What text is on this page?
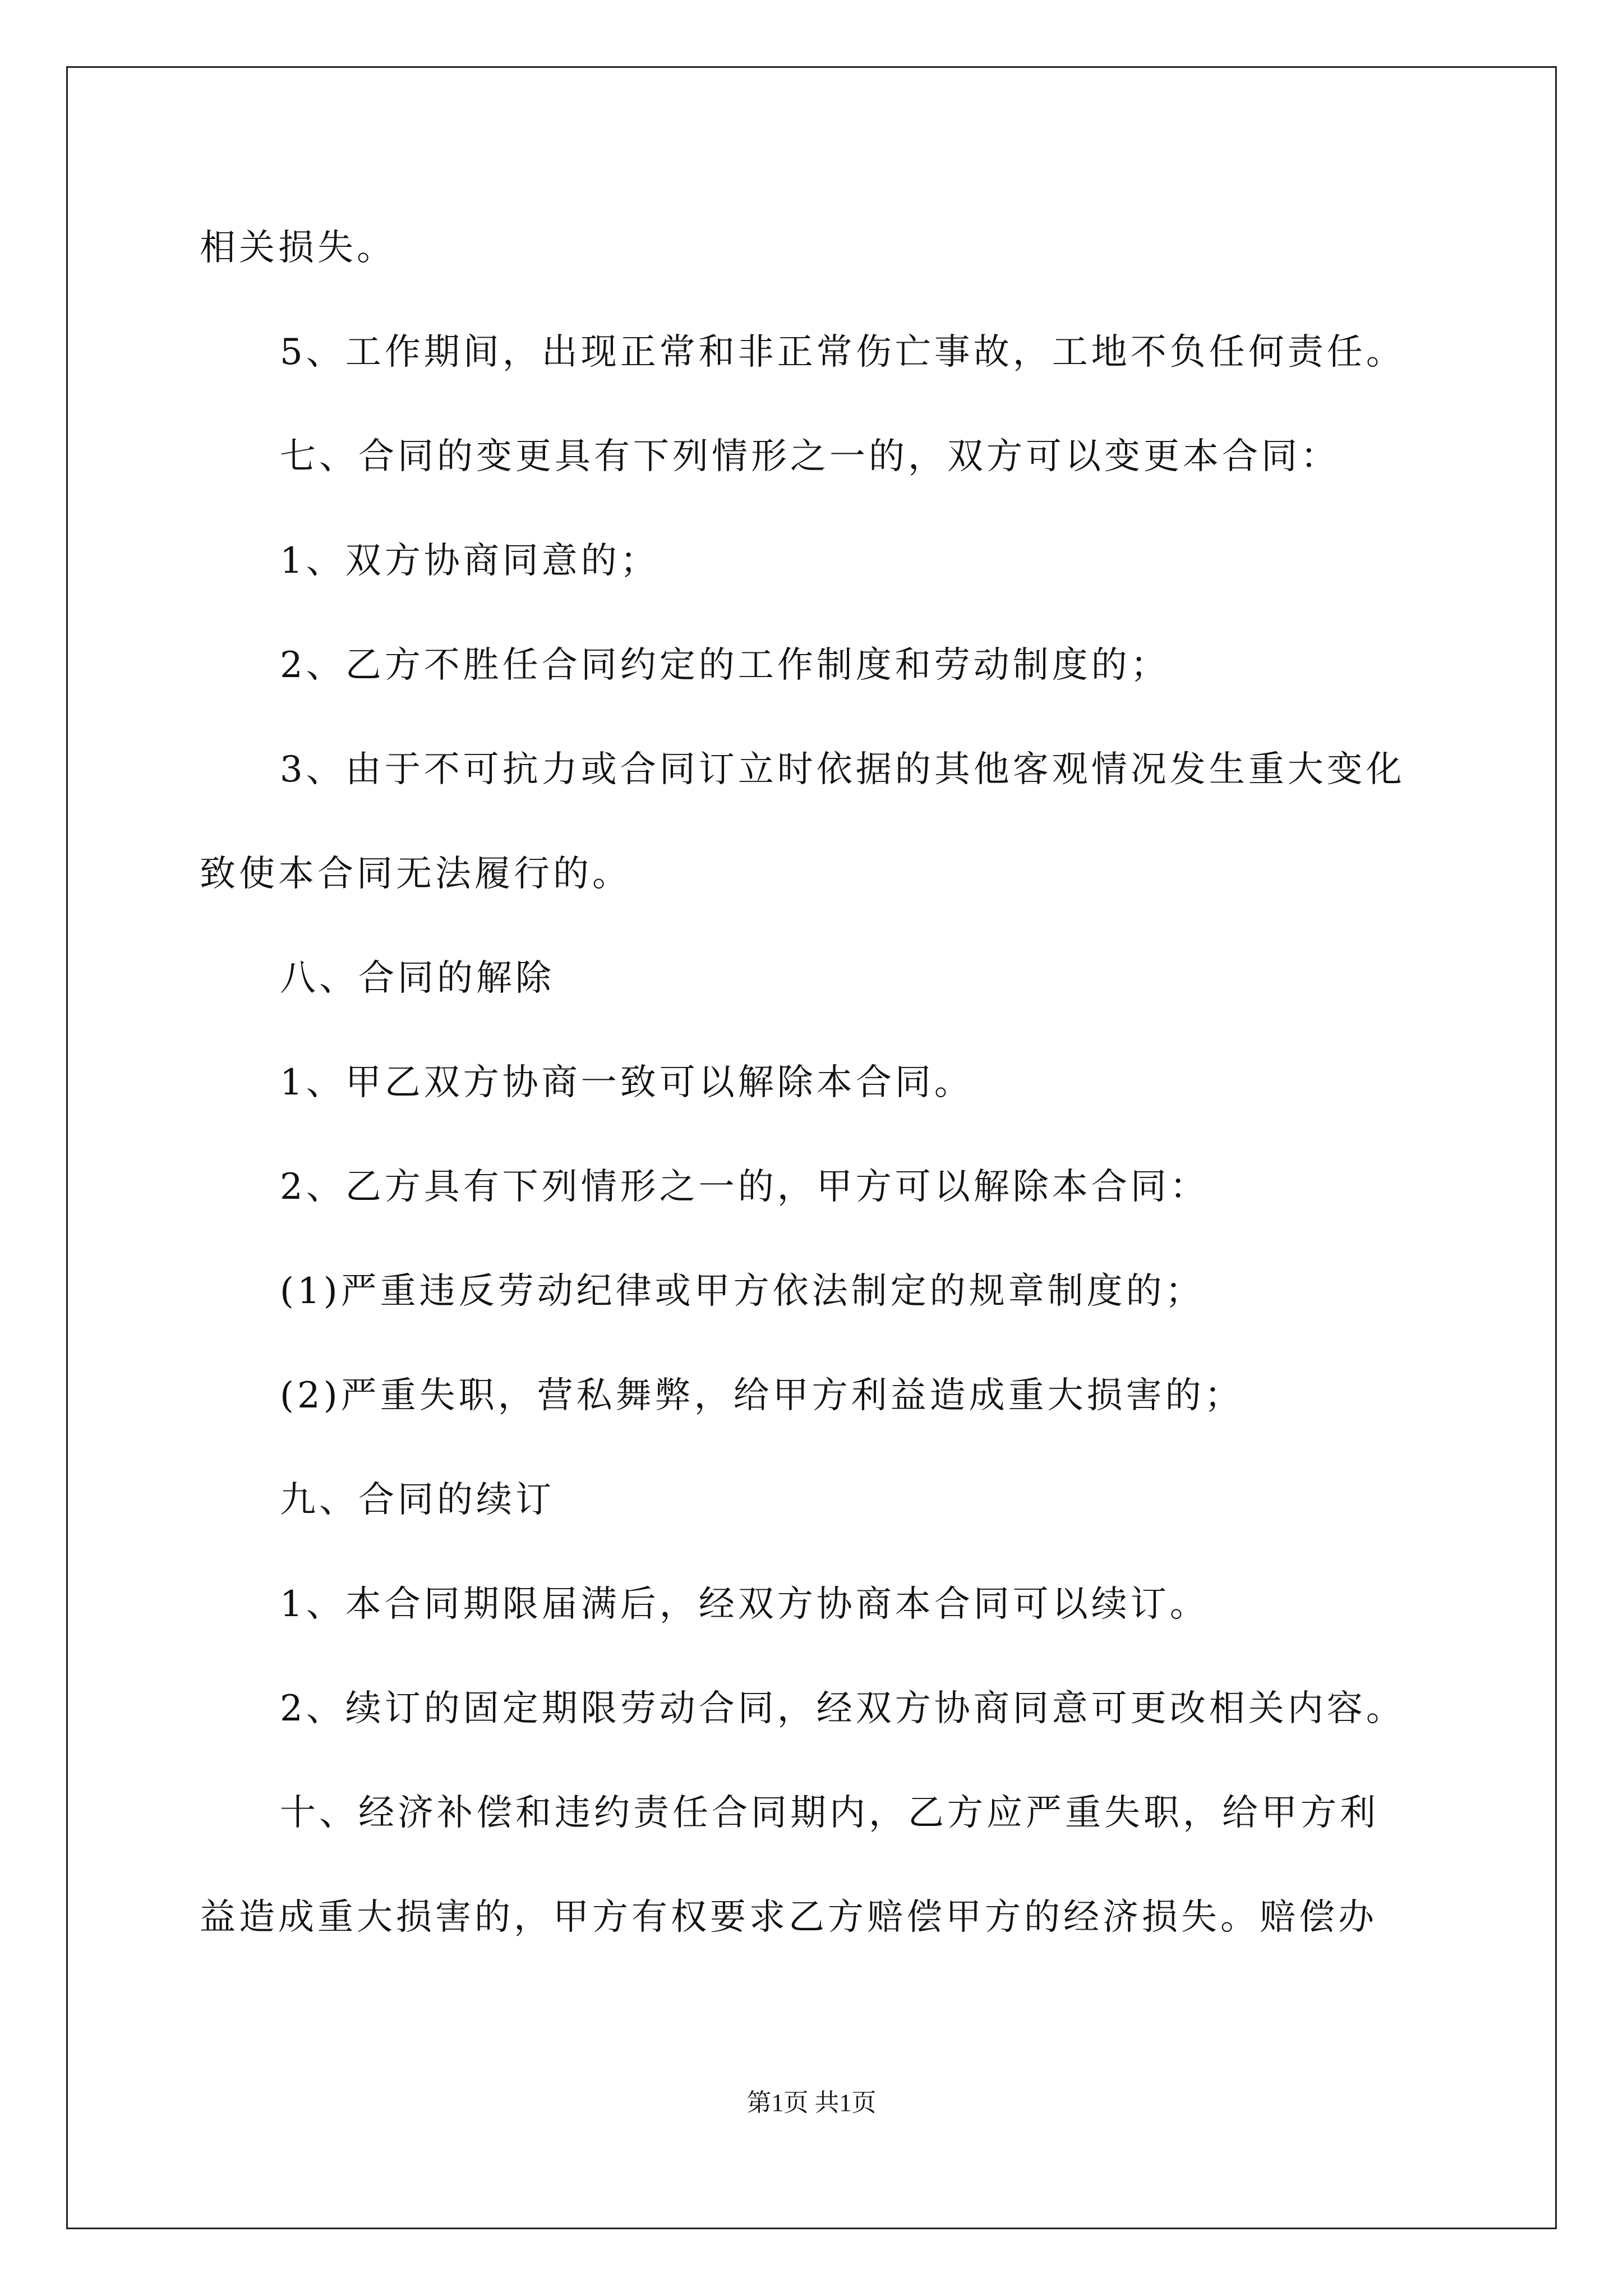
相关损失。
5、工作期间，出现正常和非正常伤亡事故，工地不负任何责任。
七、合同的变更具有下列情形之一的，双方可以变更本合同：
1、双方协商同意的；
2、乙方不胜任合同约定的工作制度和劳动制度的；
3、由于不可抗力或合同订立时依据的其他客观情况发生重大变化
致使本合同无法履行的。
八、合同的解除
1、甲乙双方协商一致可以解除本合同。
2、乙方具有下列情形之一的，甲方可以解除本合同：
(1)严重违反劳动纪律或甲方依法制定的规章制度的；
(2)严重失职，营私舞弊，给甲方利益造成重大损害的；
九、合同的续订
1、本合同期限届满后，经双方协商本合同可以续订。
2、续订的固定期限劳动合同，经双方协商同意可更改相关内容。
十、经济补偿和违约责任合同期内，乙方应严重失职，给甲方利
益造成重大损害的，甲方有权要求乙方赔偿甲方的经济损失。赔偿办
第1页 共1页
